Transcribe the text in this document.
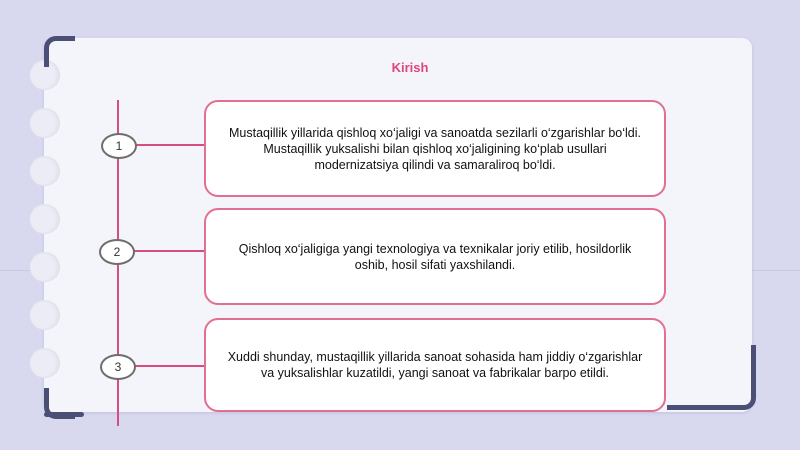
Kirish
1
Mustaqillik yillarida qishloq xo‘jaligi va sanoatda sezilarli o‘zgarishlar bo‘ldi. Mustaqillik yuksalishi bilan qishloq xo‘jaligining ko‘plab usullari modernizatsiya qilindi va samaraliroq bo‘ldi.
2	Qishloq xo‘jaligiga yangi texnologiya va texnikalar joriy etilib, hosildorlik oshib, hosil sifati yaxshilandi.
3
Xuddi shunday, mustaqillik yillarida sanoat sohasida ham jiddiy o‘zgarishlar va yuksalishlar kuzatildi, yangi sanoat va fabrikalar barpo etildi.
